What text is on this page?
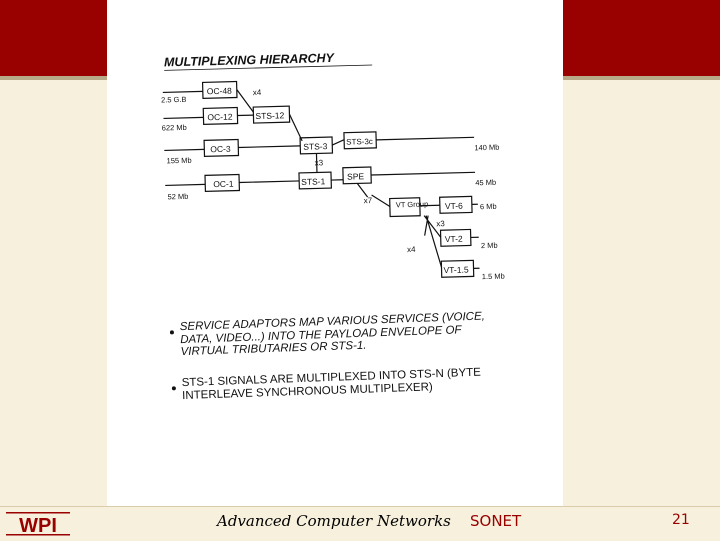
MULTIPLEXING HIERARCHY
OC-48
OC-12
OC-3
OC-1
2.5 G.B
622 Mb
155 Mb
52 Mb
STS-12
x4
STS-3
x3
STS-3c
140 Mb
STS-1	SPE
45 Mb
x7	VT Group VT-6 6 Mb
x3
x4
VT-2
2 Mb
VT-1.5
1.5 Mb
SERVICE ADAPTORS MAP VARIOUS SERVICES (VOICE, DATA, VIDEO...) INTO THE PAYLOAD ENVELOPE OF VIRTUAL TRIBUTARIES OR STS-1.
STS-1 SIGNALS ARE MULTIPLEXED INTO STS-N (BYTE INTERLEAVE SYNCHRONOUS MULTIPLEXER)
WPI	Advanced Computer Networks SONET	21
